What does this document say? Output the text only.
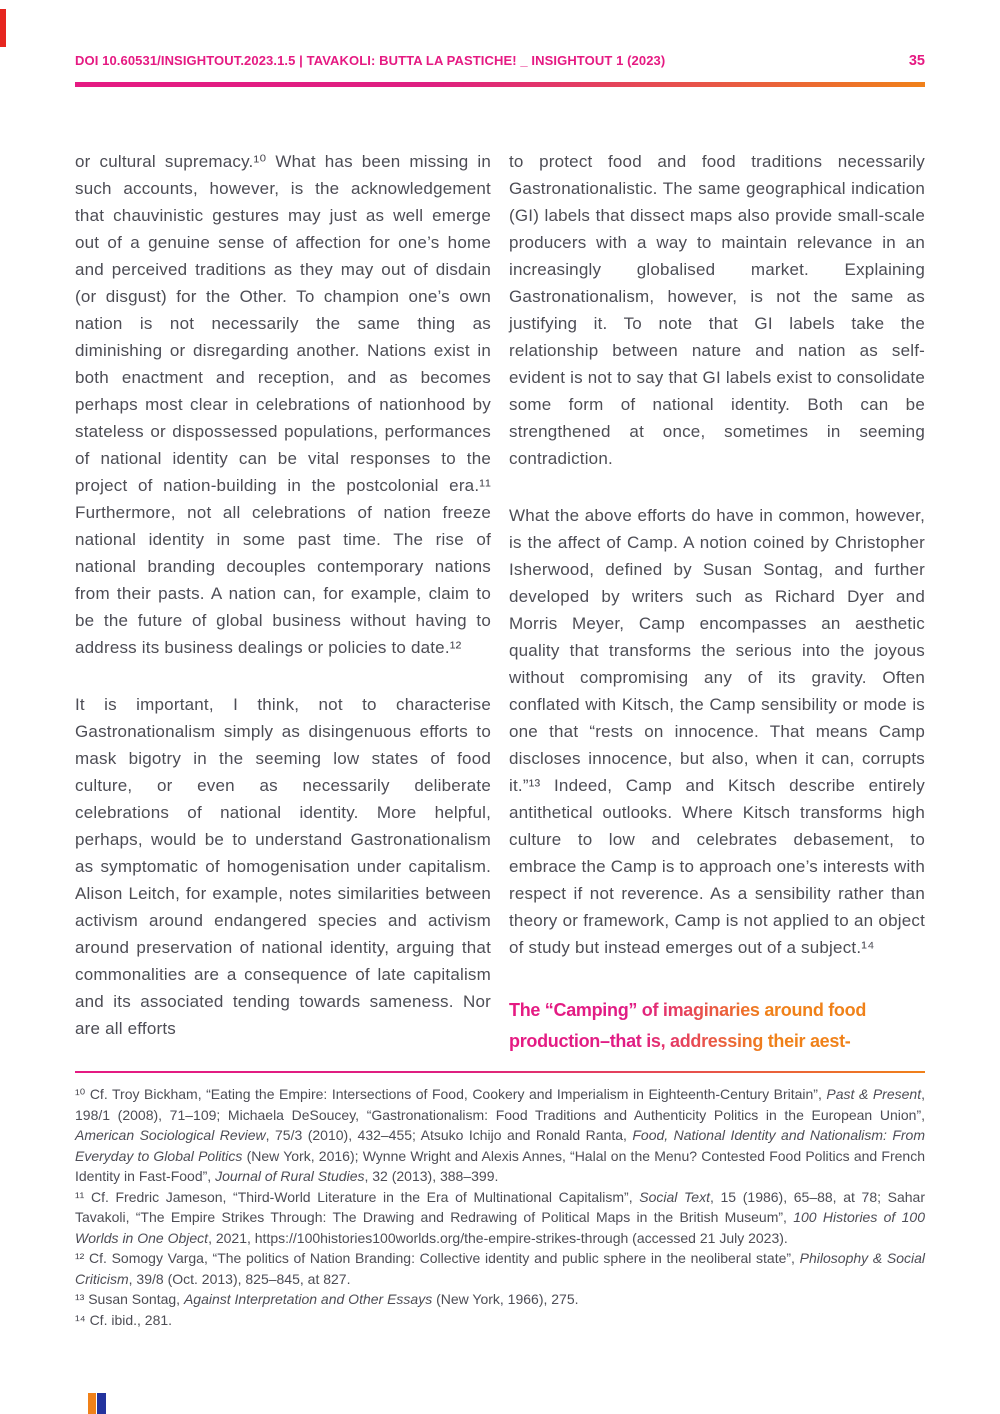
DOI 10.60531/INSIGHTOUT.2023.1.5 | TAVAKOLI: BUTTA LA PASTICHE! _ INSIGHTOUT 1 (2023)	35

or cultural supremacy.¹⁰ What has been missing in such accounts, however, is the acknowledgement that chauvinistic gestures may just as well emerge out of a genuine sense of affection for one’s home and perceived traditions as they may out of disdain (or disgust) for the Other. To champion one’s own nation is not necessarily the same thing as diminishing or disregarding another. Nations exist in both enactment and reception, and as becomes perhaps most clear in celebrations of nationhood by stateless or dispossessed populations, performances of national identity can be vital responses to the project of nation-building in the postcolonial era.¹¹ Furthermore, not all celebrations of nation freeze national identity in some past time. The rise of national branding decouples contemporary nations from their pasts. A nation can, for example, claim to be the future of global business without having to address its business dealings or policies to date.¹²

It is important, I think, not to characterise Gastronationalism simply as disingenuous efforts to mask bigotry in the seeming low states of food culture, or even as necessarily deliberate celebrations of national identity. More helpful, perhaps, would be to understand Gastronationalism as symptomatic of homogenisation under capitalism. Alison Leitch, for example, notes similarities between activism around endangered species and activism around preservation of national identity, arguing that commonalities are a consequence of late capitalism and its associated tending towards sameness. Nor are all efforts

to protect food and food traditions necessarily Gastronationalistic. The same geographical indication (GI) labels that dissect maps also provide small-scale producers with a way to maintain relevance in an increasingly globalised market. Explaining Gastronationalism, however, is not the same as justifying it. To note that GI labels take the relationship between nature and nation as self-evident is not to say that GI labels exist to consolidate some form of national identity. Both can be strengthened at once, sometimes in seeming contradiction.

What the above efforts do have in common, however, is the affect of Camp. A notion coined by Christopher Isherwood, defined by Susan Sontag, and further developed by writers such as Richard Dyer and Morris Meyer, Camp encompasses an aesthetic quality that transforms the serious into the joyous without compromising any of its gravity. Often conflated with Kitsch, the Camp sensibility or mode is one that “rests on innocence. That means Camp discloses innocence, but also, when it can, corrupts it.”¹³ Indeed, Camp and Kitsch describe entirely antithetical outlooks. Where Kitsch transforms high culture to low and celebrates debasement, to embrace the Camp is to approach one’s interests with respect if not reverence. As a sensibility rather than theory or framework, Camp is not applied to an object of study but instead emerges out of a subject.¹⁴

The “Camping” of imaginaries around food production–that is, addressing their aest-

¹⁰ Cf. Troy Bickham, “Eating the Empire: Intersections of Food, Cookery and Imperialism in Eighteenth-Century Britain”, Past & Present, 198/1 (2008), 71–109; Michaela DeSoucey, “Gastronationalism: Food Traditions and Authenticity Politics in the European Union”, American Sociological Review, 75/3 (2010), 432–455; Atsuko Ichijo and Ronald Ranta, Food, National Identity and Nationalism: From Everyday to Global Politics (New York, 2016); Wynne Wright and Alexis Annes, “Halal on the Menu? Contested Food Politics and French Identity in Fast-Food”, Journal of Rural Studies, 32 (2013), 388–399.

¹¹ Cf. Fredric Jameson, “Third-World Literature in the Era of Multinational Capitalism”, Social Text, 15 (1986), 65–88, at 78; Sahar Tavakoli, “The Empire Strikes Through: The Drawing and Redrawing of Political Maps in the British Museum”, 100 Histories of 100 Worlds in One Object, 2021, https://100histories100worlds.org/the-empire-strikes-through (accessed 21 July 2023).

¹² Cf. Somogy Varga, “The politics of Nation Branding: Collective identity and public sphere in the neoliberal state”, Philosophy & Social Criticism, 39/8 (Oct. 2013), 825–845, at 827.

¹³ Susan Sontag, Against Interpretation and Other Essays (New York, 1966), 275.

¹⁴ Cf. ibid., 281.
